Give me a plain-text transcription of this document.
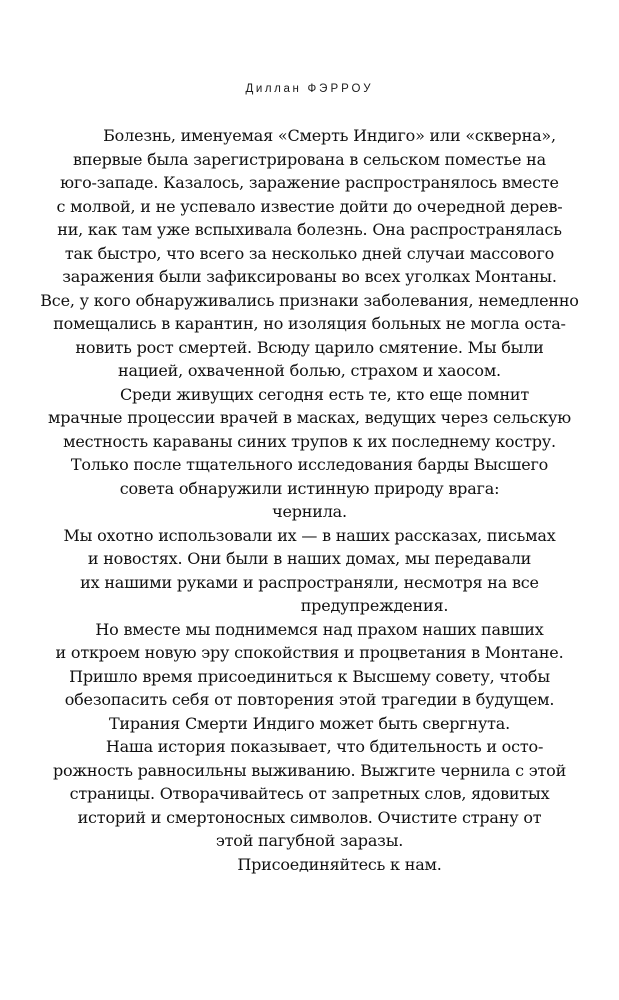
Диллан ФЭРРОУ
Болезнь, именуемая «Смерть Индиго» или «скверна»,
впервые была зарегистрирована в сельском поместье на
юго-западе. Казалось, заражение распространялось вместе
с молвой, и не успевало известие дойти до очередной дерев-
ни, как там уже вспыхивала болезнь. Она распространялась
так быстро, что всего за несколько дней случаи массового
заражения были зафиксированы во всех уголках Монтаны.
Все, у кого обнаруживались признаки заболевания, немедленно
помещались в карантин, но изоляция больных не могла оста-
новить рост смертей. Всюду царило смятение. Мы были
нацией, охваченной болью, страхом и хаосом.
Среди живущих сегодня есть те, кто еще помнит
мрачные процессии врачей в масках, ведущих через сельскую
местность караваны синих трупов к их последнему костру.
Только после тщательного исследования барды Высшего
совета обнаружили истинную природу врага:
чернила.
Мы охотно использовали их — в наших рассказах, письмах
и новостях. Они были в наших домах, мы передавали
их нашими руками и распространяли, несмотря на все
предупреждения.
Но вместе мы поднимемся над прахом наших павших
и откроем новую эру спокойствия и процветания в Монтане.
Пришло время присоединиться к Высшему совету, чтобы
обезопасить себя от повторения этой трагедии в будущем.
Тирания Смерти Индиго может быть свергнута.
Наша история показывает, что бдительность и осто-
рожность равносильны выживанию. Выжгите чернила с этой
страницы. Отворачивайтесь от запретных слов, ядовитых
историй и смертоносных символов. Очистите страну от
этой пагубной заразы.
Присоединяйтесь к нам.
